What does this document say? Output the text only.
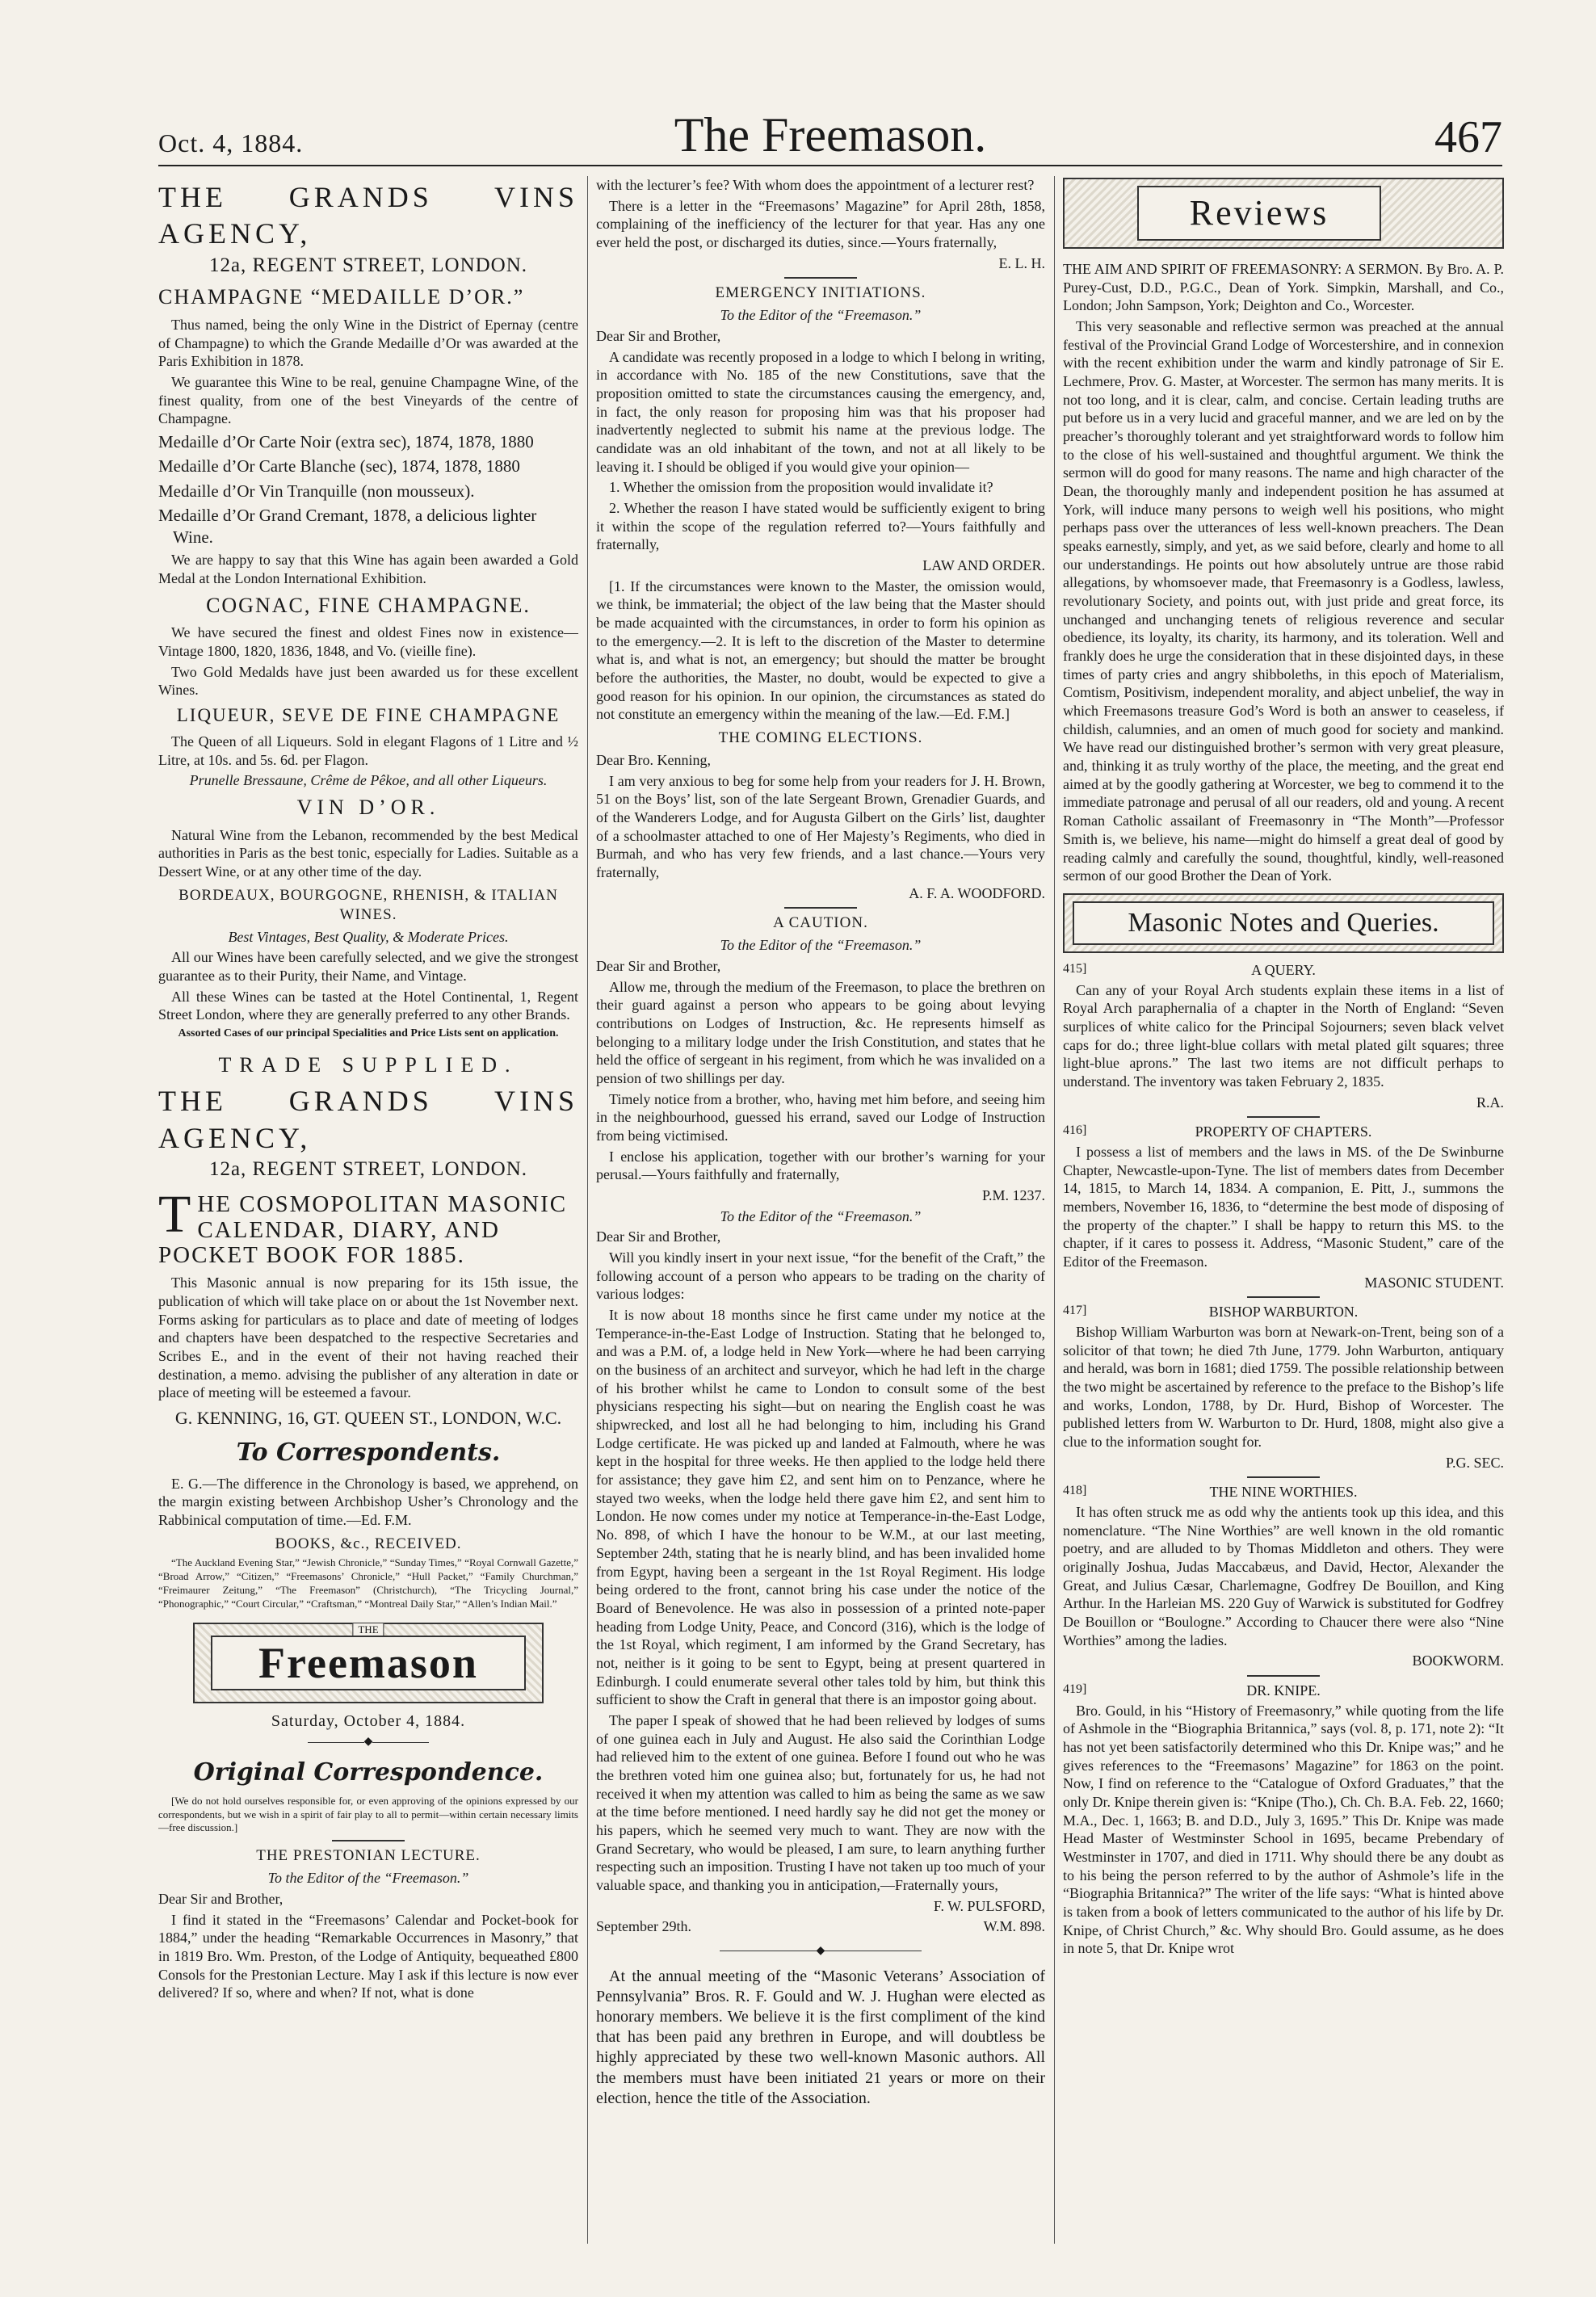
Oct. 4, 1884.	The Freemason.	467
THE GRANDS VINS AGENCY,
12a, REGENT STREET, LONDON.
CHAMPAGNE “MEDAILLE D’OR.”

Thus named, being the only Wine in the District of Epernay (centre of Champagne) to which the Grande Medaille d’Or was awarded at the Paris Exhibition in 1878.

We guarantee this Wine to be real, genuine Champagne Wine, of the finest quality, from one of the best Vineyards of the centre of Champagne.

Medaille d’Or Carte Noir (extra sec), 1874, 1878, 1880
Medaille d’Or Carte Blanche (sec), 1874, 1878, 1880
Medaille d’Or Vin Tranquille (non mousseux).
Medaille d’Or Grand Cremant, 1878, a delicious lighter Wine.

We are happy to say that this Wine has again been awarded a Gold Medal at the London International Exhibition.

COGNAC, FINE CHAMPAGNE.

We have secured the finest and oldest Fines now in existence—Vintage 1800, 1820, 1836, 1848, and Vo. (vieille fine).

Two Gold Medalds have just been awarded us for these excellent Wines.

LIQUEUR, SEVE DE FINE CHAMPAGNE

The Queen of all Liqueurs. Sold in elegant Flagons of 1 Litre and ½ Litre, at 10s. and 5s. 6d. per Flagon.

Prunelle Bressaune, Crême de Pêkoe, and all other Liqueurs.

VIN D’OR.

Natural Wine from the Lebanon, recommended by the best Medical authorities in Paris as the best tonic, especially for Ladies. Suitable as a Dessert Wine, or at any other time of the day.

BORDEAUX, BOURGOGNE, RHENISH, & ITALIAN WINES.

Best Vintages, Best Quality, & Moderate Prices.

All our Wines have been carefully selected, and we give the strongest guarantee as to their Purity, their Name, and Vintage.

All these Wines can be tasted at the Hotel Continental, 1, Regent Street London, where they are generally preferred to any other Brands.

Assorted Cases of our principal Specialities and Price Lists sent on application.

TRADE SUPPLIED.
THE GRANDS VINS AGENCY,
12a, REGENT STREET, LONDON.
THE COSMOPOLITAN MASONIC CALENDAR, DIARY, AND POCKET BOOK FOR 1885.

This Masonic annual is now preparing for its 15th issue, the publication of which will take place on or about the 1st November next. Forms asking for particulars as to place and date of meeting of lodges and chapters have been despatched to the respective Secretaries and Scribes E., and in the event of their not having reached their destination, a memo. advising the publisher of any alteration in date or place of meeting will be esteemed a favour.

G. KENNING, 16, GT. QUEEN ST., LONDON, W.C.
To Correspondents.

E. G.—The difference in the Chronology is based, we apprehend, on the margin existing between Archbishop Usher’s Chronology and the Rabbinical computation of time.—Ed. F.M.

BOOKS, &c., RECEIVED.

“The Auckland Evening Star,” “Jewish Chronicle,” “Sunday Times,” “Royal Cornwall Gazette,” “Broad Arrow,” “Citizen,” “Freemasons’ Chronicle,” “Hull Packet,” “Family Churchman,” “Freimaurer Zeitung,” “The Freemason” (Christchurch), “The Tricycling Journal,” “Phonographic,” “Court Circular,” “Craftsman,” “Montreal Daily Star,” “Allen’s Indian Mail.”

THE
Freemason
Saturday, October 4, 1884.
◆
Original Correspondence.

[We do not hold ourselves responsible for, or even approving of the opinions expressed by our correspondents, but we wish in a spirit of fair play to all to permit—within certain necessary limits—free discussion.]

THE PRESTONIAN LECTURE.

To the Editor of the “Freemason.”

Dear Sir and Brother,

I find it stated in the “Freemasons’ Calendar and Pocket-book for 1884,” under the heading “Remarkable Occurrences in Masonry,” that in 1819 Bro. Wm. Preston, of the Lodge of Antiquity, bequeathed £800 Consols for the Prestonian Lecture. May I ask if this lecture is now ever delivered? If so, where and when? If not, what is done

with the lecturer’s fee? With whom does the appointment of a lecturer rest?

There is a letter in the “Freemasons’ Magazine” for April 28th, 1858, complaining of the inefficiency of the lecturer for that year. Has any one ever held the post, or discharged its duties, since.—Yours fraternally,

E. L. H.

EMERGENCY INITIATIONS.

To the Editor of the “Freemason.”

Dear Sir and Brother,

A candidate was recently proposed in a lodge to which I belong in writing, in accordance with No. 185 of the new Constitutions, save that the proposition omitted to state the circumstances causing the emergency, and, in fact, the only reason for proposing him was that his proposer had inadvertently neglected to submit his name at the previous lodge. The candidate was an old inhabitant of the town, and not at all likely to be leaving it. I should be obliged if you would give your opinion—

1. Whether the omission from the proposition would invalidate it?

2. Whether the reason I have stated would be sufficiently exigent to bring it within the scope of the regulation referred to?—Yours faithfully and fraternally,

LAW AND ORDER.

[1. If the circumstances were known to the Master, the omission would, we think, be immaterial; the object of the law being that the Master should be made acquainted with the circumstances, in order to form his opinion as to the emergency.—2. It is left to the discretion of the Master to determine what is, and what is not, an emergency; but should the matter be brought before the authorities, the Master, no doubt, would be expected to give a good reason for his opinion. In our opinion, the circumstances as stated do not constitute an emergency within the meaning of the law.—Ed. F.M.]

THE COMING ELECTIONS.

Dear Bro. Kenning,

I am very anxious to beg for some help from your readers for J. H. Brown, 51 on the Boys’ list, son of the late Sergeant Brown, Grenadier Guards, and of the Wanderers Lodge, and for Augusta Gilbert on the Girls’ list, daughter of a schoolmaster attached to one of Her Majesty’s Regiments, who died in Burmah, and who has very few friends, and a last chance.—Yours very fraternally,

A. F. A. WOODFORD.

A CAUTION.

To the Editor of the “Freemason.”

Dear Sir and Brother,

Allow me, through the medium of the Freemason, to place the brethren on their guard against a person who appears to be going about levying contributions on Lodges of Instruction, &c. He represents himself as belonging to a military lodge under the Irish Constitution, and states that he held the office of sergeant in his regiment, from which he was invalided on a pension of two shillings per day.

Timely notice from a brother, who, having met him before, and seeing him in the neighbourhood, guessed his errand, saved our Lodge of Instruction from being victimised.

I enclose his application, together with our brother’s warning for your perusal.—Yours faithfully and fraternally,

P.M. 1237.

To the Editor of the “Freemason.”

Dear Sir and Brother,

Will you kindly insert in your next issue, “for the benefit of the Craft,” the following account of a person who appears to be trading on the charity of various lodges:

It is now about 18 months since he first came under my notice at the Temperance-in-the-East Lodge of Instruction. Stating that he belonged to, and was a P.M. of, a lodge held in New York—where he had been carrying on the business of an architect and surveyor, which he had left in the charge of his brother whilst he came to London to consult some of the best physicians respecting his sight—but on nearing the English coast he was shipwrecked, and lost all he had belonging to him, including his Grand Lodge certificate. He was picked up and landed at Falmouth, where he was kept in the hospital for three weeks. He then applied to the lodge held there for assistance; they gave him £2, and sent him on to Penzance, where he stayed two weeks, when the lodge held there gave him £2, and sent him to London. He now comes under my notice at Temperance-in-the-East Lodge, No. 898, of which I have the honour to be W.M., at our last meeting, September 24th, stating that he is nearly blind, and has been invalided home from Egypt, having been a sergeant in the 1st Royal Regiment. His lodge being ordered to the front, cannot bring his case under the notice of the Board of Benevolence. He was also in possession of a printed note-paper heading from Lodge Unity, Peace, and Concord (316), which is the lodge of the 1st Royal, which regiment, I am informed by the Grand Secretary, has not, neither is it going to be sent to Egypt, being at present quartered in Edinburgh. I could enumerate several other tales told by him, but think this sufficient to show the Craft in general that there is an impostor going about.

The paper I speak of showed that he had been relieved by lodges of sums of one guinea each in July and August. He also said the Corinthian Lodge had relieved him to the extent of one guinea. Before I found out who he was the brethren voted him one guinea also; but, fortunately for us, he had not received it when my attention was called to him as being the same as we saw at the time before mentioned. I need hardly say he did not get the money or his papers, which he seemed very much to want. They are now with the Grand Secretary, who would be pleased, I am sure, to learn anything further respecting such an imposition. Trusting I have not taken up too much of your valuable space, and thanking you in anticipation,—Fraternally yours,

F. W. PULSFORD,

September 29th.	W.M. 898.
◆

At the annual meeting of the “Masonic Veterans’ Association of Pennsylvania” Bros. R. F. Gould and W. J. Hughan were elected as honorary members. We believe it is the first compliment of the kind that has been paid any brethren in Europe, and will doubtless be highly appreciated by these two well-known Masonic authors. All the members must have been initiated 21 years or more on their election, hence the title of the Association.

Reviews

THE AIM AND SPIRIT OF FREEMASONRY: A SERMON. By Bro. A. P. Purey-Cust, D.D., P.G.C., Dean of York. Simpkin, Marshall, and Co., London; John Sampson, York; Deighton and Co., Worcester.

This very seasonable and reflective sermon was preached at the annual festival of the Provincial Grand Lodge of Worcestershire, and in connexion with the recent exhibition under the warm and kindly patronage of Sir E. Lechmere, Prov. G. Master, at Worcester. The sermon has many merits. It is not too long, and it is clear, calm, and concise. Certain leading truths are put before us in a very lucid and graceful manner, and we are led on by the preacher’s thoroughly tolerant and yet straightforward words to follow him to the close of his well-sustained and thoughtful argument. We think the sermon will do good for many reasons. The name and high character of the Dean, the thoroughly manly and independent position he has assumed at York, will induce many persons to weigh well his positions, who might perhaps pass over the utterances of less well-known preachers. The Dean speaks earnestly, simply, and yet, as we said before, clearly and home to all our understandings. He points out how absolutely untrue are those rabid allegations, by whomsoever made, that Freemasonry is a Godless, lawless, revolutionary Society, and points out, with just pride and great force, its unchanged and unchanging tenets of religious reverence and secular obedience, its loyalty, its charity, its harmony, and its toleration. Well and frankly does he urge the consideration that in these disjointed days, in these times of party cries and angry shibboleths, in this epoch of Materialism, Comtism, Positivism, independent morality, and abject unbelief, the way in which Freemasons treasure God’s Word is both an answer to ceaseless, if childish, calumnies, and an omen of much good for society and mankind. We have read our distinguished brother’s sermon with very great pleasure, and, thinking it as truly worthy of the place, the meeting, and the great end aimed at by the goodly gathering at Worcester, we beg to commend it to the immediate patronage and perusal of all our readers, old and young. A recent Roman Catholic assailant of Freemasonry in “The Month”—Professor Smith is, we believe, his name—might do himself a great deal of good by reading calmly and carefully the sound, thoughtful, kindly, well-reasoned sermon of our good Brother the Dean of York.

Masonic Notes and Queries.
415]	A QUERY.

Can any of your Royal Arch students explain these items in a list of Royal Arch paraphernalia of a chapter in the North of England: “Seven surplices of white calico for the Principal Sojourners; seven black velvet caps for do.; three light-blue collars with metal plated gilt squares; three light-blue aprons.” The last two items are not difficult perhaps to understand. The inventory was taken February 2, 1835.

R.A.

416]	PROPERTY OF CHAPTERS.

I possess a list of members and the laws in MS. of the De Swinburne Chapter, Newcastle-upon-Tyne. The list of members dates from December 14, 1815, to March 14, 1834. A companion, E. Pitt, J., summons the members, November 16, 1836, to “determine the best mode of disposing of the property of the chapter.” I shall be happy to return this MS. to the chapter, if it cares to possess it. Address, “Masonic Student,” care of the Editor of the Freemason.

MASONIC STUDENT.

417]	BISHOP WARBURTON.

Bishop William Warburton was born at Newark-on-Trent, being son of a solicitor of that town; he died 7th June, 1779. John Warburton, antiquary and herald, was born in 1681; died 1759. The possible relationship between the two might be ascertained by reference to the preface to the Bishop’s life and works, London, 1788, by Dr. Hurd, Bishop of Worcester. The published letters from W. Warburton to Dr. Hurd, 1808, might also give a clue to the information sought for.

P.G. SEC.

418]	THE NINE WORTHIES.

It has often struck me as odd why the antients took up this idea, and this nomenclature. “The Nine Worthies” are well known in the old romantic poetry, and are alluded to by Thomas Middleton and others. They were originally Joshua, Judas Maccabæus, and David, Hector, Alexander the Great, and Julius Cæsar, Charlemagne, Godfrey De Bouillon, and King Arthur. In the Harleian MS. 220 Guy of Warwick is substituted for Godfrey De Bouillon or “Boulogne.” According to Chaucer there were also “Nine Worthies” among the ladies.

BOOKWORM.

419]	DR. KNIPE.

Bro. Gould, in his “History of Freemasonry,” while quoting from the life of Ashmole in the “Biographia Britannica,” says (vol. 8, p. 171, note 2): “It has not yet been satisfactorily determined who this Dr. Knipe was;” and he gives references to the “Freemasons’ Magazine” for 1863 on the point. Now, I find on reference to the “Catalogue of Oxford Graduates,” that the only Dr. Knipe therein given is: “Knipe (Tho.), Ch. Ch. B.A. Feb. 22, 1660; M.A., Dec. 1, 1663; B. and D.D., July 3, 1695.” This Dr. Knipe was made Head Master of Westminster School in 1695, became Prebendary of Westminster in 1707, and died in 1711. Why should there be any doubt as to his being the person referred to by the author of Ashmole’s life in the “Biographia Britannica?” The writer of the life says: “What is hinted above is taken from a book of letters communicated to the author of his life by Dr. Knipe, of Christ Church,” &c. Why should Bro. Gould assume, as he does in note 5, that Dr. Knipe wrot
